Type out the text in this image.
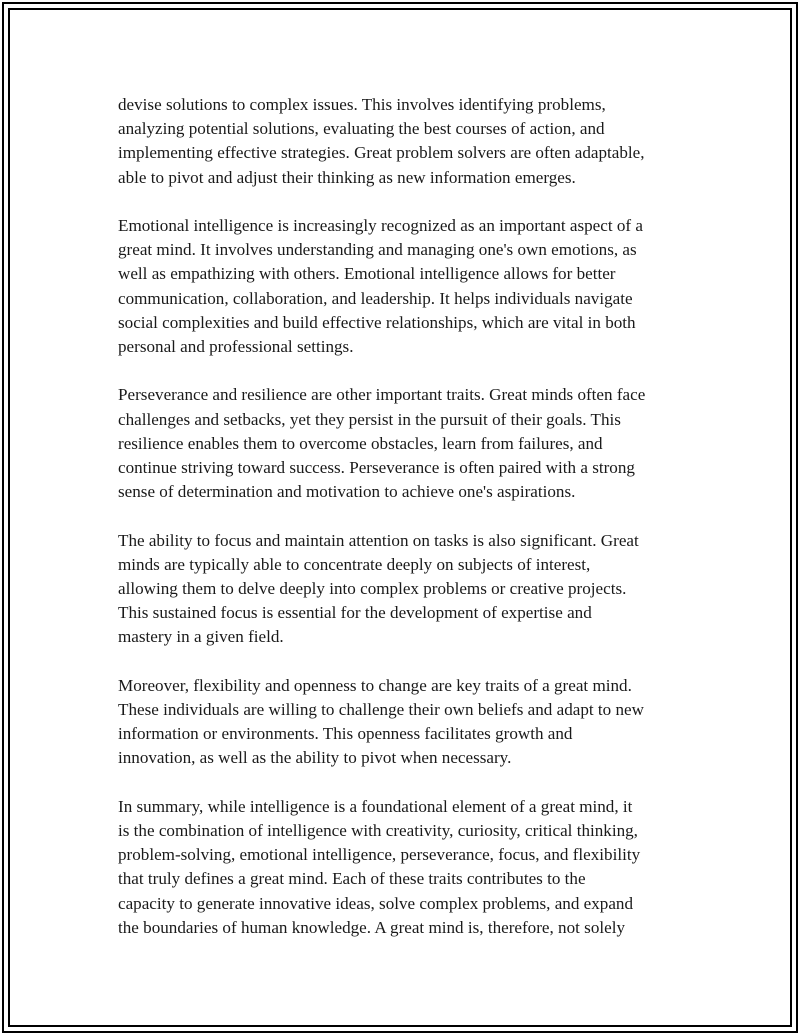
devise solutions to complex issues. This involves identifying problems,
analyzing potential solutions, evaluating the best courses of action, and
implementing effective strategies. Great problem solvers are often adaptable,
able to pivot and adjust their thinking as new information emerges.

Emotional intelligence is increasingly recognized as an important aspect of a
great mind. It involves understanding and managing one's own emotions, as
well as empathizing with others. Emotional intelligence allows for better
communication, collaboration, and leadership. It helps individuals navigate
social complexities and build effective relationships, which are vital in both
personal and professional settings.

Perseverance and resilience are other important traits. Great minds often face
challenges and setbacks, yet they persist in the pursuit of their goals. This
resilience enables them to overcome obstacles, learn from failures, and
continue striving toward success. Perseverance is often paired with a strong
sense of determination and motivation to achieve one's aspirations.

The ability to focus and maintain attention on tasks is also significant. Great
minds are typically able to concentrate deeply on subjects of interest,
allowing them to delve deeply into complex problems or creative projects.
This sustained focus is essential for the development of expertise and
mastery in a given field.

Moreover, flexibility and openness to change are key traits of a great mind.
These individuals are willing to challenge their own beliefs and adapt to new
information or environments. This openness facilitates growth and
innovation, as well as the ability to pivot when necessary.

In summary, while intelligence is a foundational element of a great mind, it
is the combination of intelligence with creativity, curiosity, critical thinking,
problem-solving, emotional intelligence, perseverance, focus, and flexibility
that truly defines a great mind. Each of these traits contributes to the
capacity to generate innovative ideas, solve complex problems, and expand
the boundaries of human knowledge. A great mind is, therefore, not solely
